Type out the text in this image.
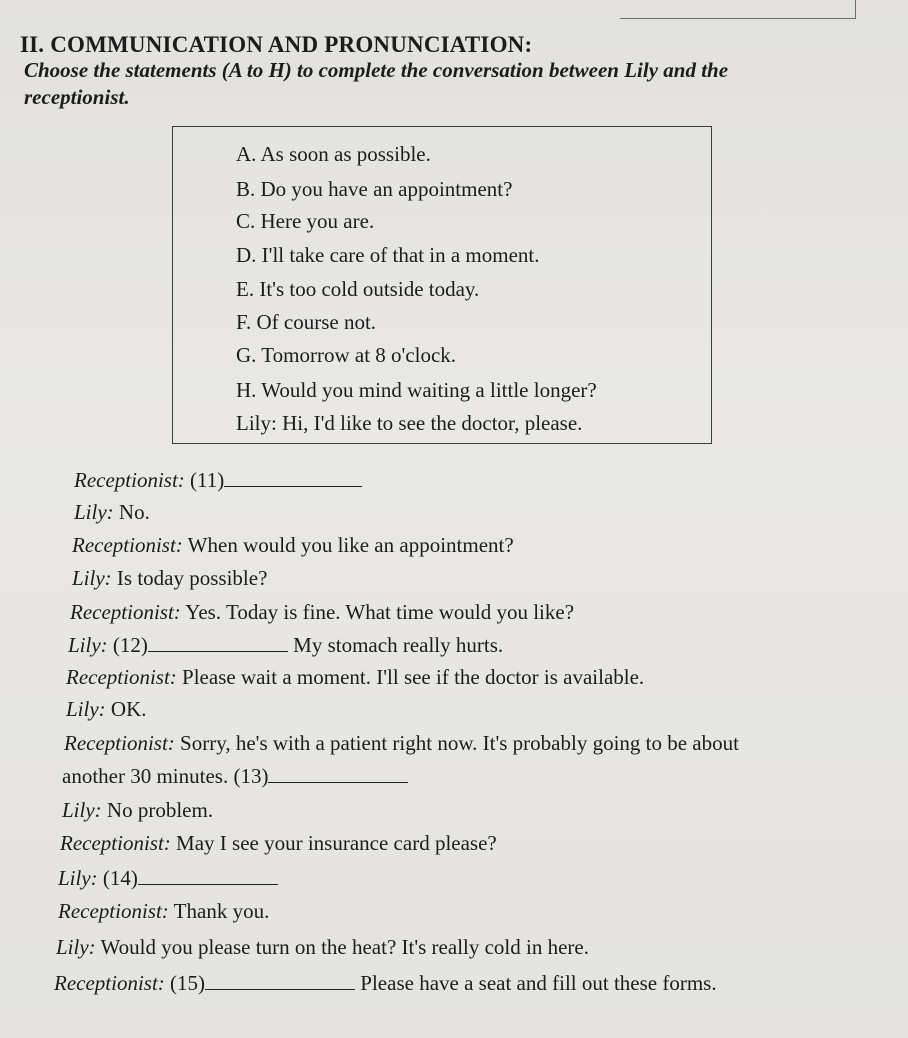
II. COMMUNICATION AND PRONUNCIATION:
Choose the statements (A to H) to complete the conversation between Lily and the
receptionist.
A. As soon as possible.
B. Do you have an appointment?
C. Here you are.
D. I'll take care of that in a moment.
E. It's too cold outside today.
F. Of course not.
G. Tomorrow at 8 o'clock.
H. Would you mind waiting a little longer?
Lily: Hi, I'd like to see the doctor, please.
Receptionist: (11)
Lily: No.
Receptionist: When would you like an appointment?
Lily: Is today possible?
Receptionist: Yes. Today is fine. What time would you like?
Lily: (12)	My stomach really hurts.
Receptionist: Please wait a moment. I'll see if the doctor is available.
Lily: OK.
Receptionist: Sorry, he's with a patient right now. It's probably going to be about
another 30 minutes. (13)
Lily: No problem.
Receptionist: May I see your insurance card please?
Lily: (14)
Receptionist: Thank you.
Lily: Would you please turn on the heat? It's really cold in here.
Receptionist: (15)	Please have a seat and fill out these forms.
